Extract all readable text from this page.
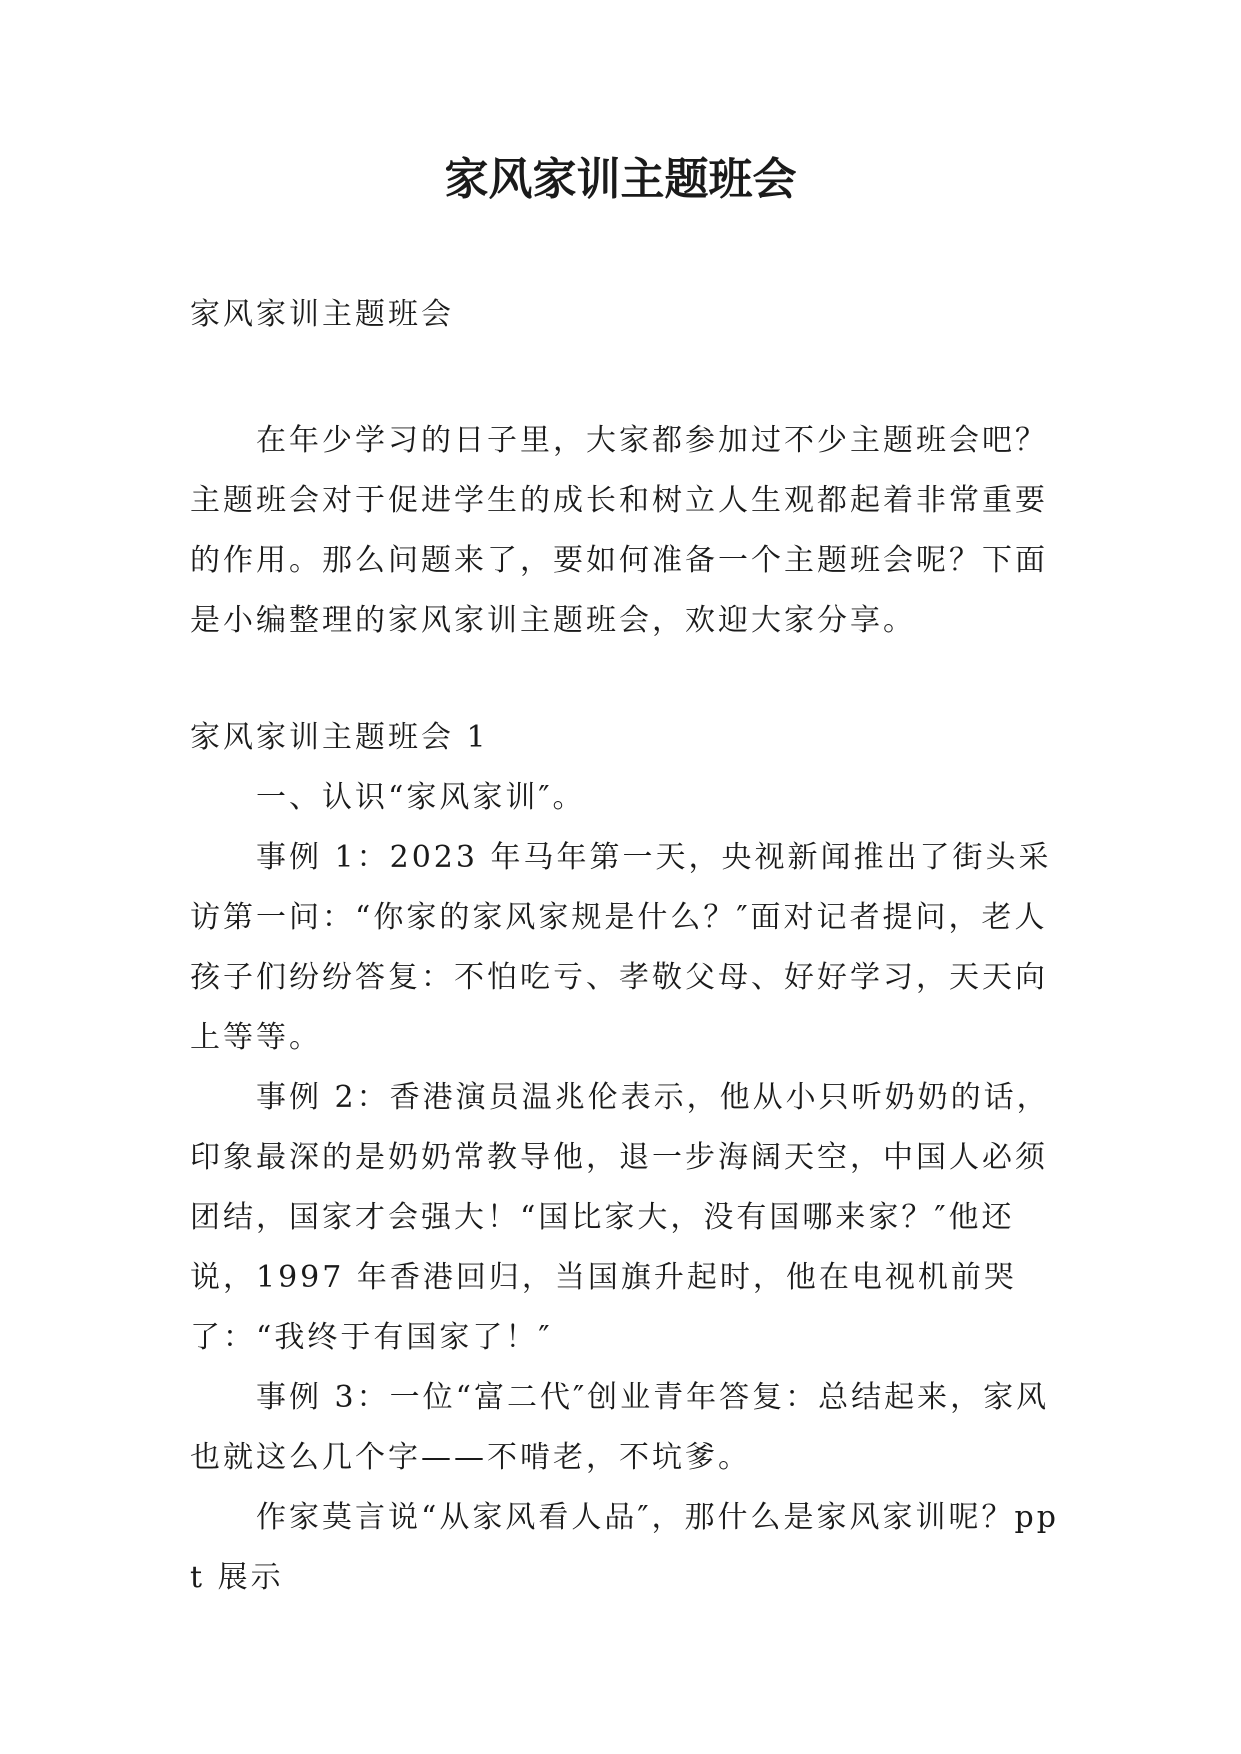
家风家训主题班会

家风家训主题班会

在年少学习的日子里，大家都参加过不少主题班会吧？主题班会对于促进学生的成长和树立人生观都起着非常重要的作用。那么问题来了，要如何准备一个主题班会呢？下面是小编整理的家风家训主题班会，欢迎大家分享。

家风家训主题班会 1

一、认识“家风家训″。

事例 1：2023 年马年第一天，央视新闻推出了街头采访第一问：“你家的家风家规是什么？″面对记者提问，老人孩子们纷纷答复：不怕吃亏、孝敬父母、好好学习，天天向上等等。

事例 2：香港演员温兆伦表示，他从小只听奶奶的话，印象最深的是奶奶常教导他，退一步海阔天空，中国人必须团结，国家才会强大！“国比家大，没有国哪来家？″他还说，1997 年香港回归，当国旗升起时，他在电视机前哭了：“我终于有国家了！″

事例 3：一位“富二代″创业青年答复：总结起来，家风也就这么几个字——不啃老，不坑爹。

作家莫言说“从家风看人品″，那什么是家风家训呢？ppt 展示
